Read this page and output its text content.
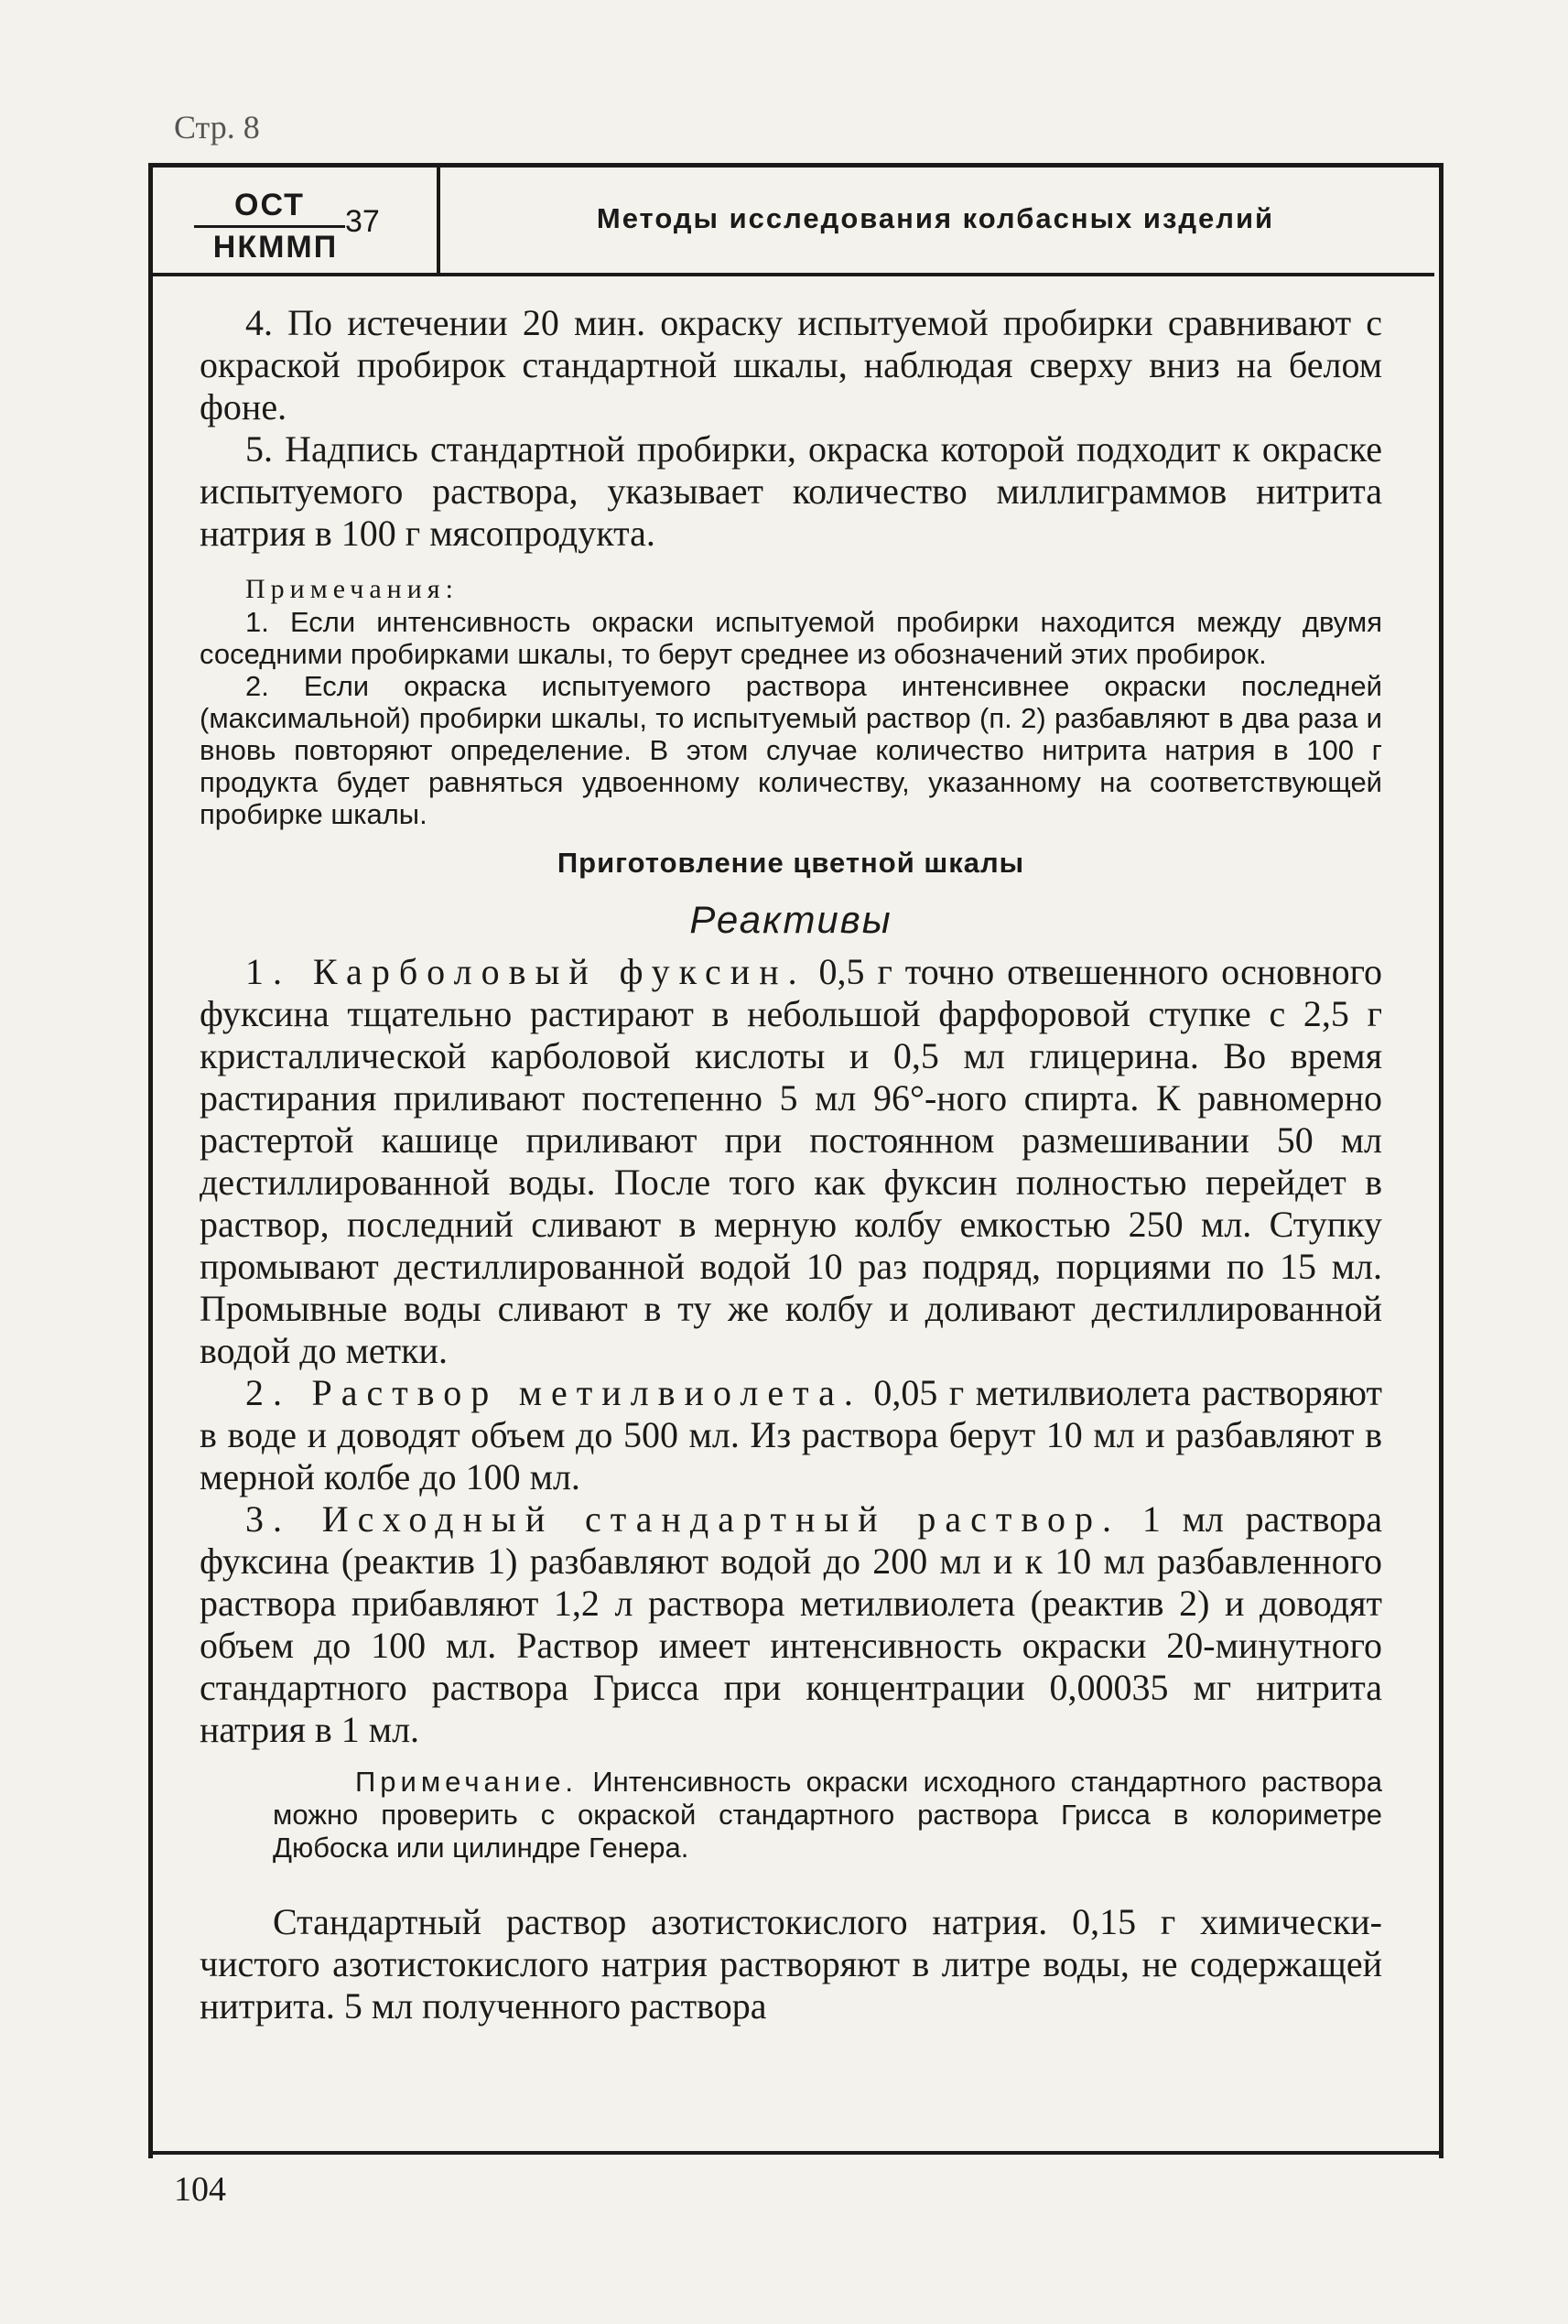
Стр. 8
ОСТ
НКММП
37	Методы исследования колбасных изделий

4. По истечении 20 мин. окраску испытуемой пробирки сравнивают с окраской пробирок стандартной шкалы, наблюдая сверху вниз на белом фоне.

5. Надпись стандартной пробирки, окраска которой подходит к окраске испытуемого раствора, указывает количество миллиграммов нитрита натрия в 100 г мясопродукта.

Примечания:

1. Если интенсивность окраски испытуемой пробирки находится между двумя соседними пробирками шкалы, то берут среднее из обозначений этих пробирок.

2. Если окраска испытуемого раствора интенсивнее окраски последней (максимальной) пробирки шкалы, то испытуемый раствор (п. 2) разбавляют в два раза и вновь повторяют определение. В этом случае количество нитрита натрия в 100 г продукта будет равняться удвоенному количеству, указанному на соответствующей пробирке шкалы.

Приготовление цветной шкалы
Реактивы

1. Карболовый фуксин. 0,5 г точно отвешенного основного фуксина тщательно растирают в небольшой фарфоровой ступке с 2,5 г кристаллической карболовой кислоты и 0,5 мл глицерина. Во время растирания приливают постепенно 5 мл 96°-ного спирта. К равномерно растертой кашице приливают при постоянном размешивании 50 мл дестиллированной воды. После того как фуксин полностью перейдет в раствор, последний сливают в мерную колбу емкостью 250 мл. Ступку промывают дестиллированной водой 10 раз подряд, порциями по 15 мл. Промывные воды сливают в ту же колбу и доливают дестиллированной водой до метки.

2. Раствор метилвиолета. 0,05 г метилвиолета растворяют в воде и доводят объем до 500 мл. Из раствора берут 10 мл и разбавляют в мерной колбе до 100 мл.

3. Исходный стандартный раствор. 1 мл раствора фуксина (реактив 1) разбавляют водой до 200 мл и к 10 мл разбавленного раствора прибавляют 1,2 л раствора метилвиолета (реактив 2) и доводят объем до 100 мл. Раствор имеет интенсивность окраски 20-минутного стандартного раствора Грисса при концентрации 0,00035 мг нитрита натрия в 1 мл.

Примечание. Интенсивность окраски исходного стандартного раствора можно проверить с окраской стандартного раствора Грисса в колориметре Дюбоска или цилиндре Генера.

Стандартный раствор азотистокислого натрия. 0,15 г химически-чистого азотистокислого натрия растворяют в литре воды, не содержащей нитрита. 5 мл полученного раствора

104
